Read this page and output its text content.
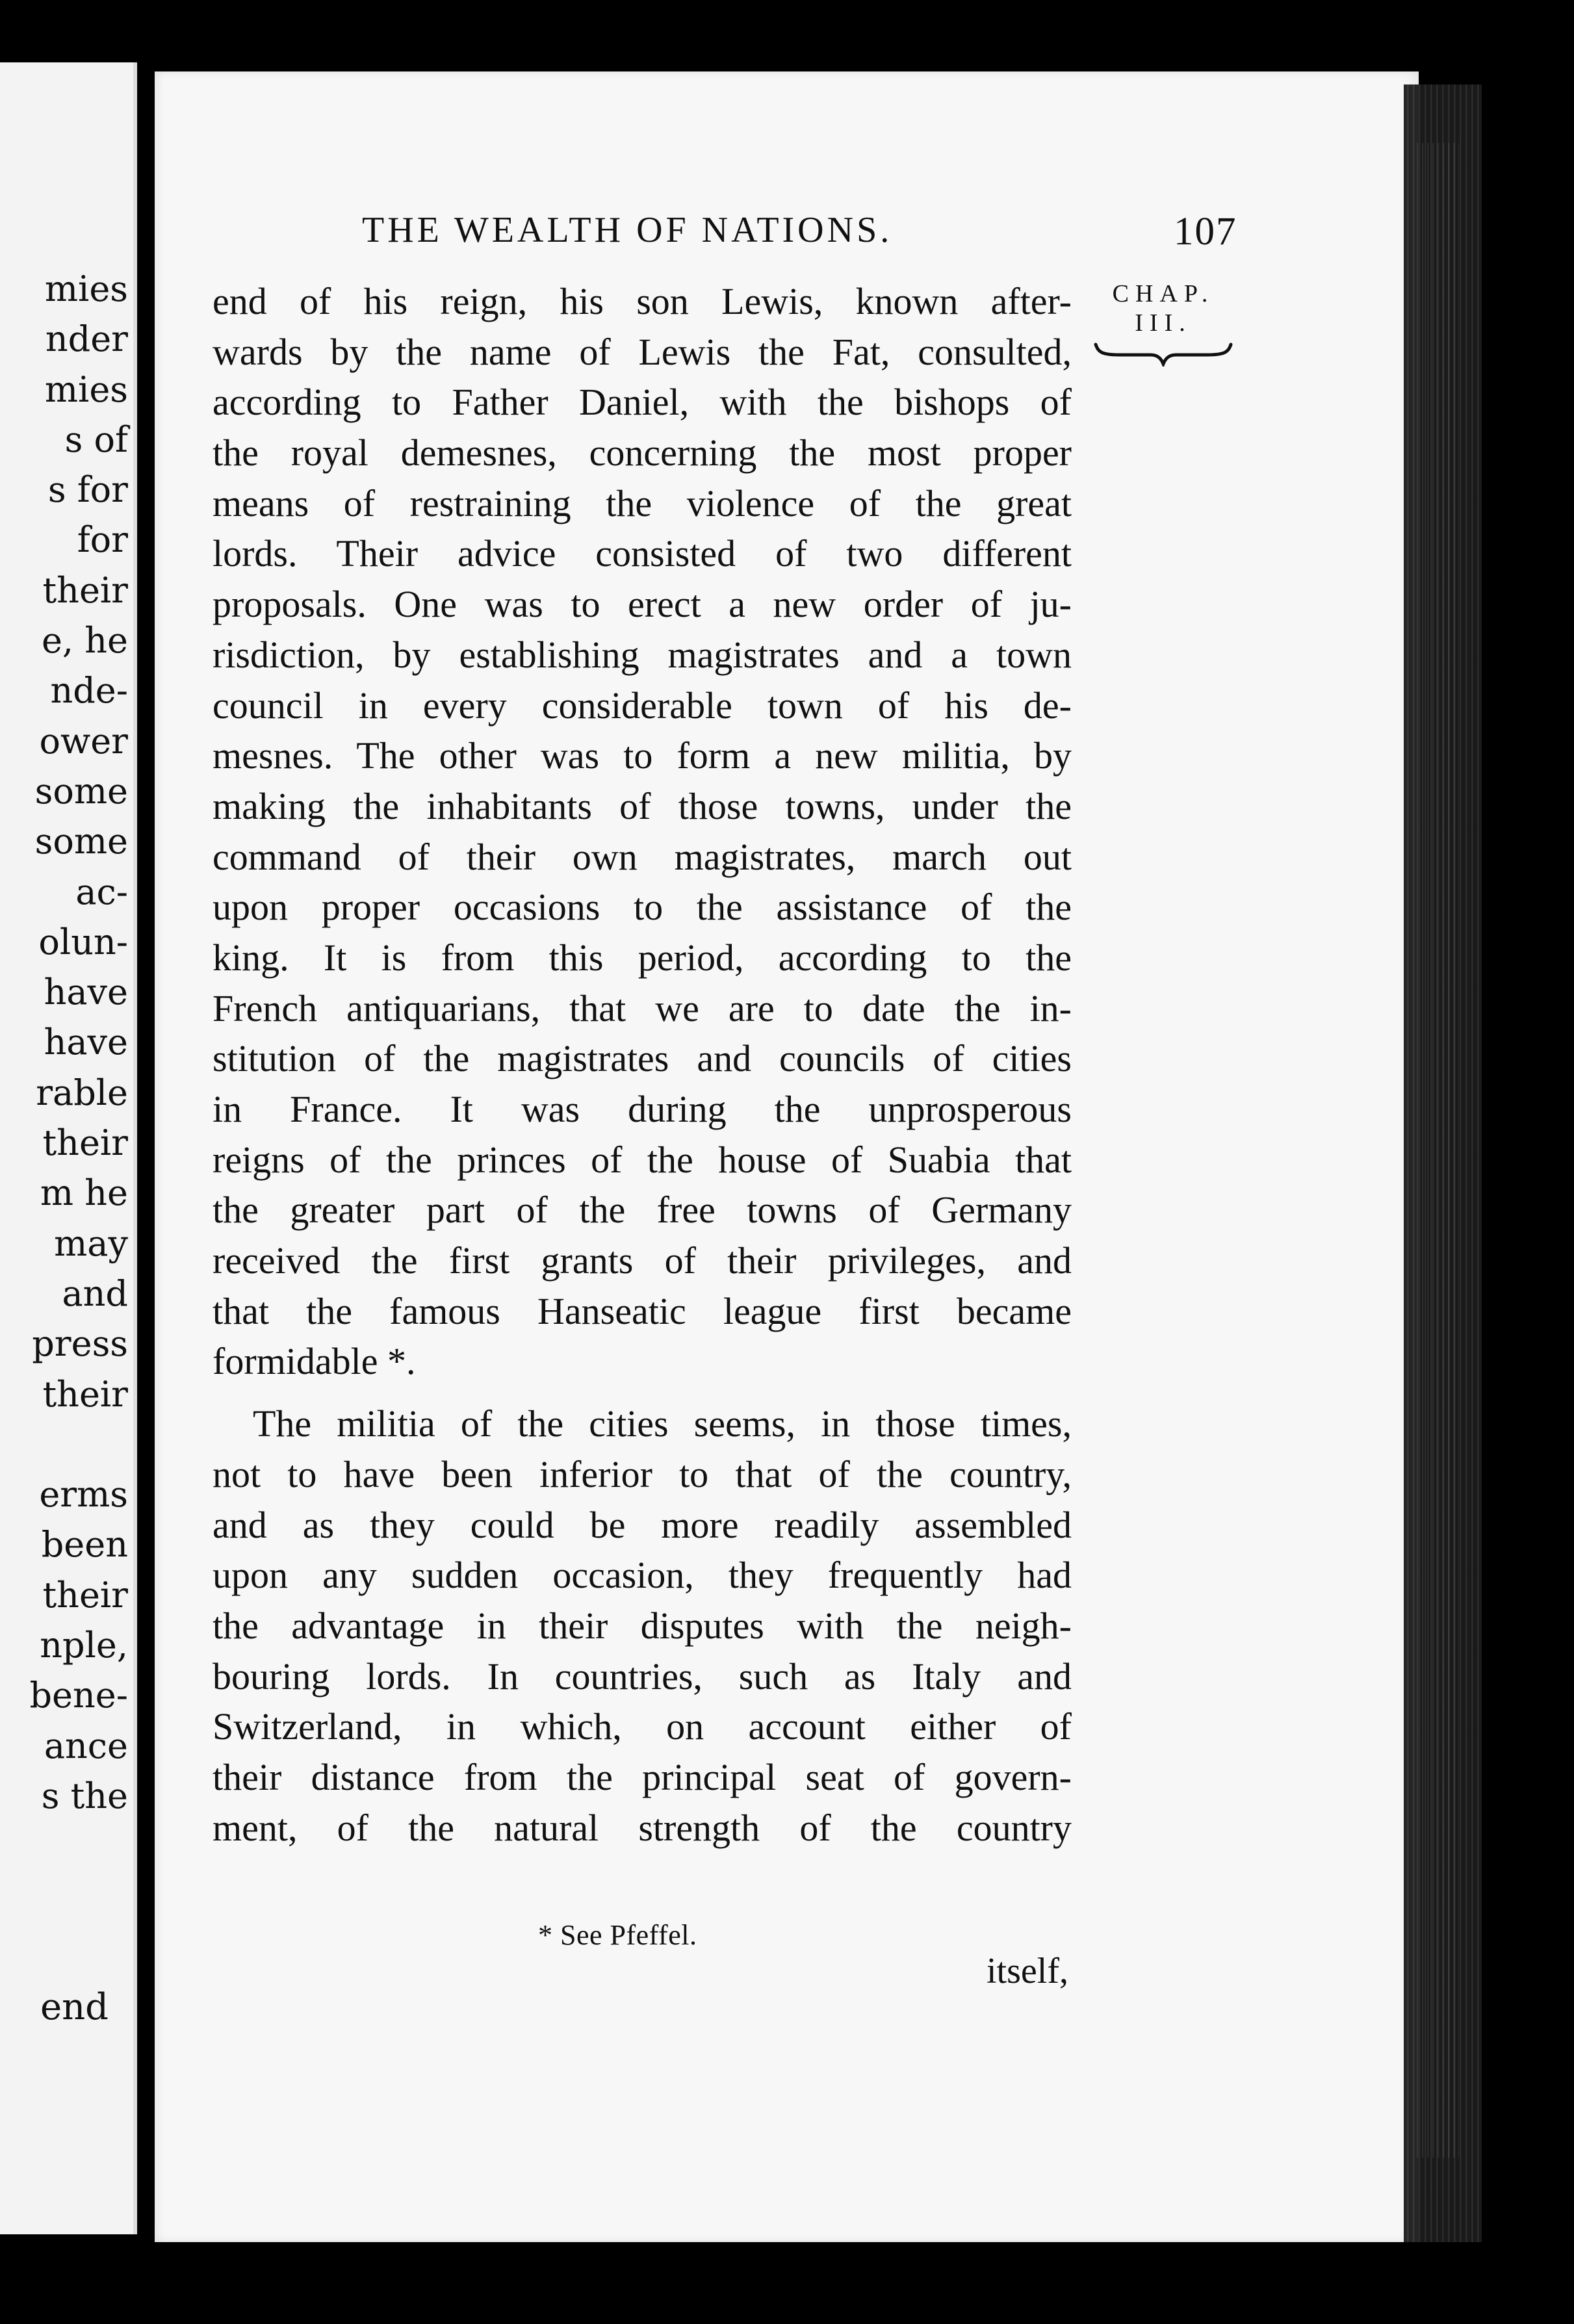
mies
nder
mies
s of
s for
for
their
e, he
nde-
ower
some
some
ac-
olun-
have
have
rable
their
m he
may
and
press
their
erms
been
their
nple,
bene-
ance
s the
end
THE WEALTH OF NATIONS.	107
CHAP.
III.
end of his reign, his son Lewis, known after-
wards by the name of Lewis the Fat, consulted,
according to Father Daniel, with the bishops of
the royal demesnes, concerning the most proper
means of restraining the violence of the great
lords. Their advice consisted of two different
proposals. One was to erect a new order of ju-
risdiction, by establishing magistrates and a town
council in every considerable town of his de-
mesnes. The other was to form a new militia, by
making the inhabitants of those towns, under the
command of their own magistrates, march out
upon proper occasions to the assistance of the
king. It is from this period, according to the
French antiquarians, that we are to date the in-
stitution of the magistrates and councils of cities
in France. It was during the unprosperous
reigns of the princes of the house of Suabia that
the greater part of the free towns of Germany
received the first grants of their privileges, and
that the famous Hanseatic league first became
formidable *.
The militia of the cities seems, in those times,
not to have been inferior to that of the country,
and as they could be more readily assembled
upon any sudden occasion, they frequently had
the advantage in their disputes with the neigh-
bouring lords. In countries, such as Italy and
Switzerland, in which, on account either of
their distance from the principal seat of govern-
ment, of the natural strength of the country
* See Pfeffel.
itself,
